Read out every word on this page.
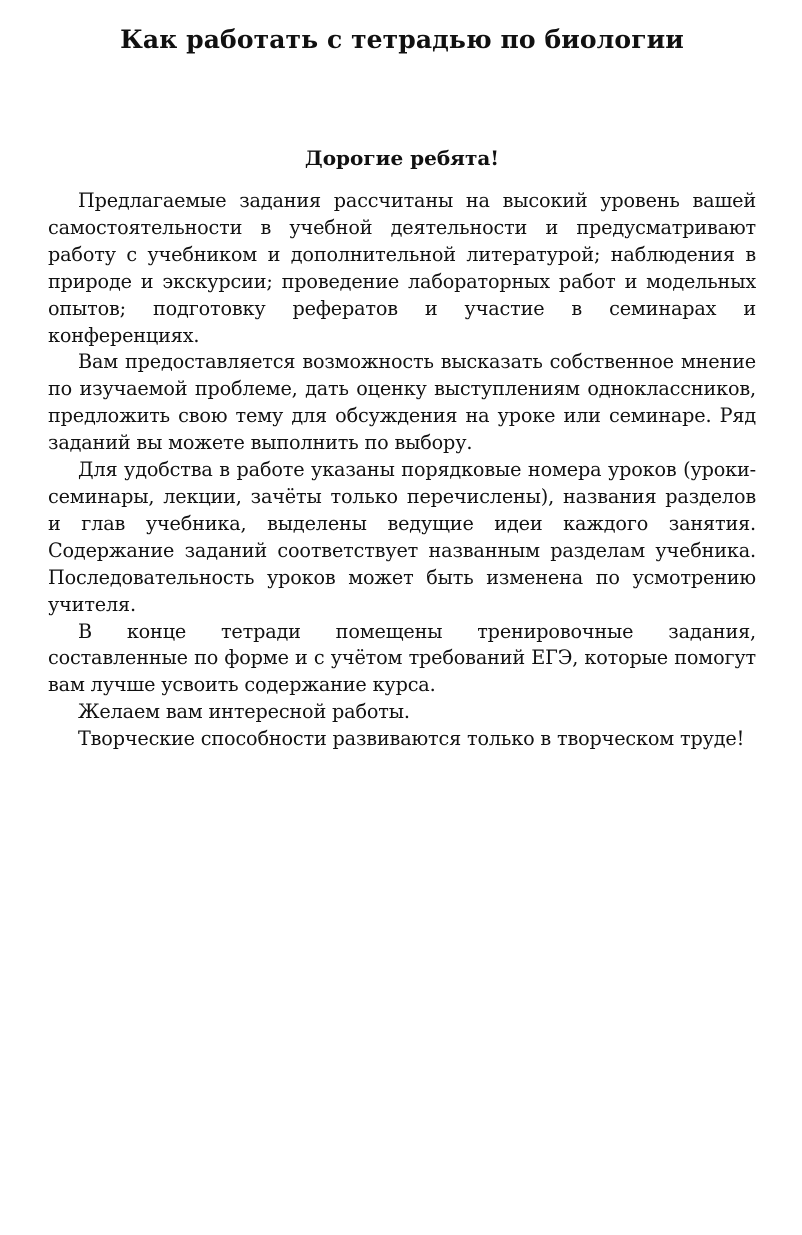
Как работать с тетрадью по биологии
Дорогие ребята!

Предлагаемые задания рассчитаны на высокий уровень вашей самостоятельности в учебной деятельности и предусматривают работу с учебником и дополнительной литературой; наблюдения в природе и экскурсии; проведение лабораторных работ и модельных опытов; подготовку рефератов и участие в семинарах и конференциях.

Вам предоставляется возможность высказать собственное мнение по изучаемой проблеме, дать оценку выступлениям одноклассников, предложить свою тему для обсуждения на уроке или семинаре. Ряд заданий вы можете выполнить по выбору.

Для удобства в работе указаны порядковые номера уроков (уроки-семинары, лекции, зачёты только перечислены), названия разделов и глав учебника, выделены ведущие идеи каждого занятия. Содержание заданий соответствует названным разделам учебника. Последовательность уроков может быть изменена по усмотрению учителя.

В конце тетради помещены тренировочные задания, составленные по форме и с учётом требований ЕГЭ, которые помогут вам лучше усвоить содержание курса.

Желаем вам интересной работы.

Творческие способности развиваются только в творческом труде!
